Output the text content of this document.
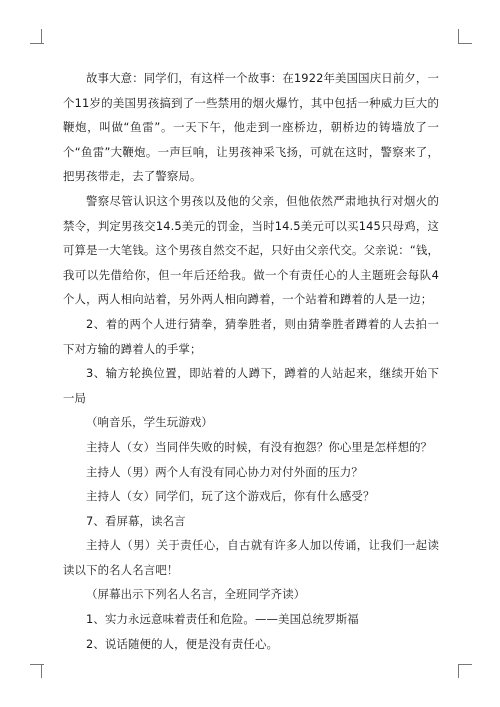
故事大意：同学们，有这样一个故事：在1922年美国国庆日前夕，一个11岁的美国男孩搞到了一些禁用的烟火爆竹，其中包括一种威力巨大的鞭炮，叫做“鱼雷”。一天下午，他走到一座桥边，朝桥边的铸墙放了一个“鱼雷”大鞭炮。一声巨响，让男孩神采飞扬，可就在这时，警察来了，把男孩带走，去了警察局。

警察尽管认识这个男孩以及他的父亲，但他依然严肃地执行对烟火的禁令，判定男孩交14.5美元的罚金，当时14.5美元可以买145只母鸡，这可算是一大笔钱。这个男孩自然交不起，只好由父亲代交。父亲说：“钱，我可以先借给你，但一年后还给我。做一个有责任心的人主题班会每队4个人，两人相向站着，另外两人相向蹲着，一个站着和蹲着的人是一边；

2、着的两个人进行猜拳，猜拳胜者，则由猜拳胜者蹲着的人去拍一下对方输的蹲着人的手掌；

3、输方轮换位置，即站着的人蹲下，蹲着的人站起来，继续开始下一局

（响音乐，学生玩游戏）

主持人（女）当同伴失败的时候，有没有抱怨？你心里是怎样想的？

主持人（男）两个人有没有同心协力对付外面的压力？

主持人（女）同学们，玩了这个游戏后，你有什么感受？

7、看屏幕，读名言

主持人（男）关于责任心，自古就有许多人加以传诵，让我们一起读读以下的名人名言吧！

（屏幕出示下列名人名言，全班同学齐读）

1、实力永远意味着责任和危险。——美国总统罗斯福

2、说话随便的人，便是没有责任心。
